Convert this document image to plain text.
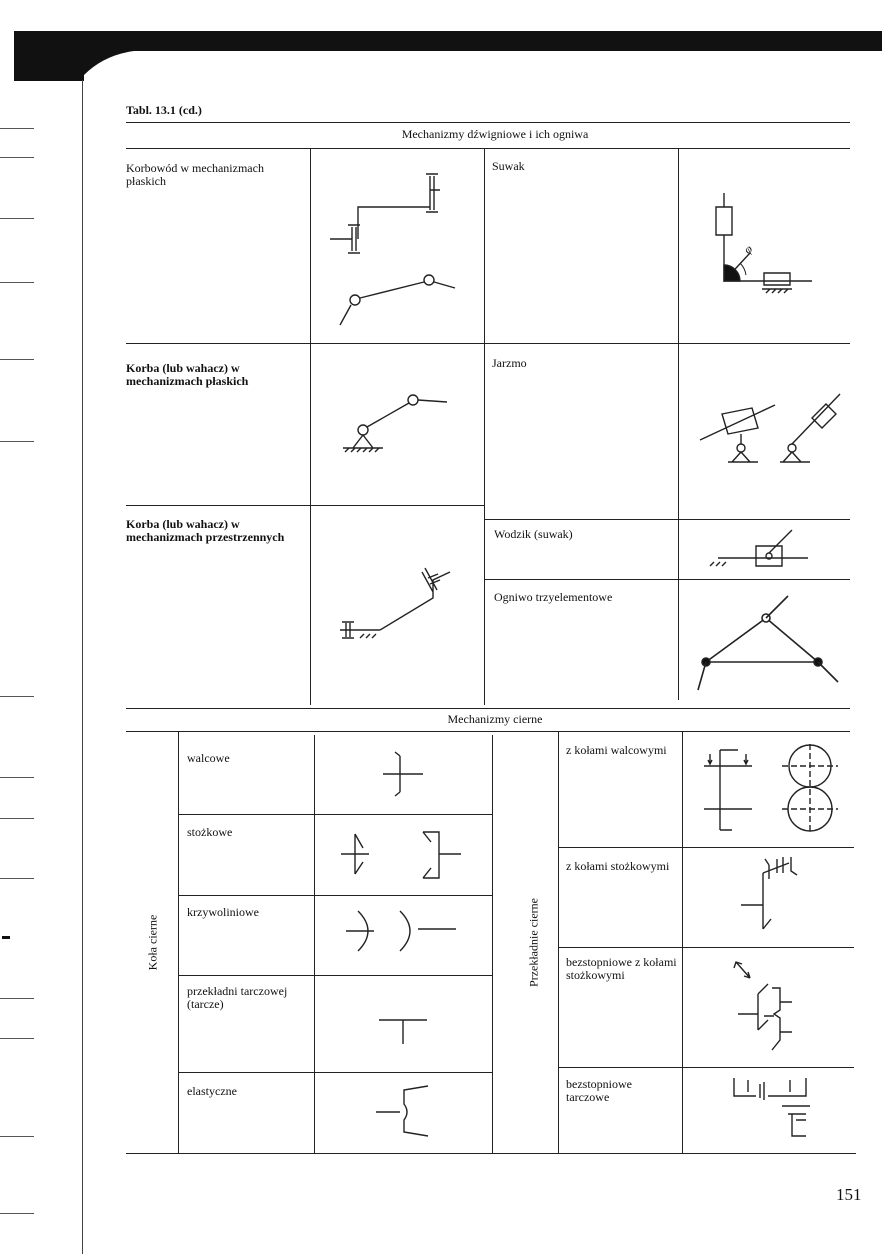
Tabl. 13.1 (cd.)
Mechanizmy dźwigniowe i ich ogniwa
Korbowód w mechanizmach płaskich
Korba (lub wahacz) w mechanizmach płaskich
Korba (lub wahacz) w mechanizmach przestrzennych
Suwak
Jarzmo
Wodzik (suwak)
Ogniwo trzyelementowe
φ
Mechanizmy cierne
Koła cierne	Przekładnie cierne
walcowe
stożkowe
krzywoliniowe
przekładni tarczowej (tarcze)
elastyczne
z kołami walcowymi
z kołami stożkowymi
bezstopniowe z kołami stożkowymi
bezstopniowe tarczowe
151
